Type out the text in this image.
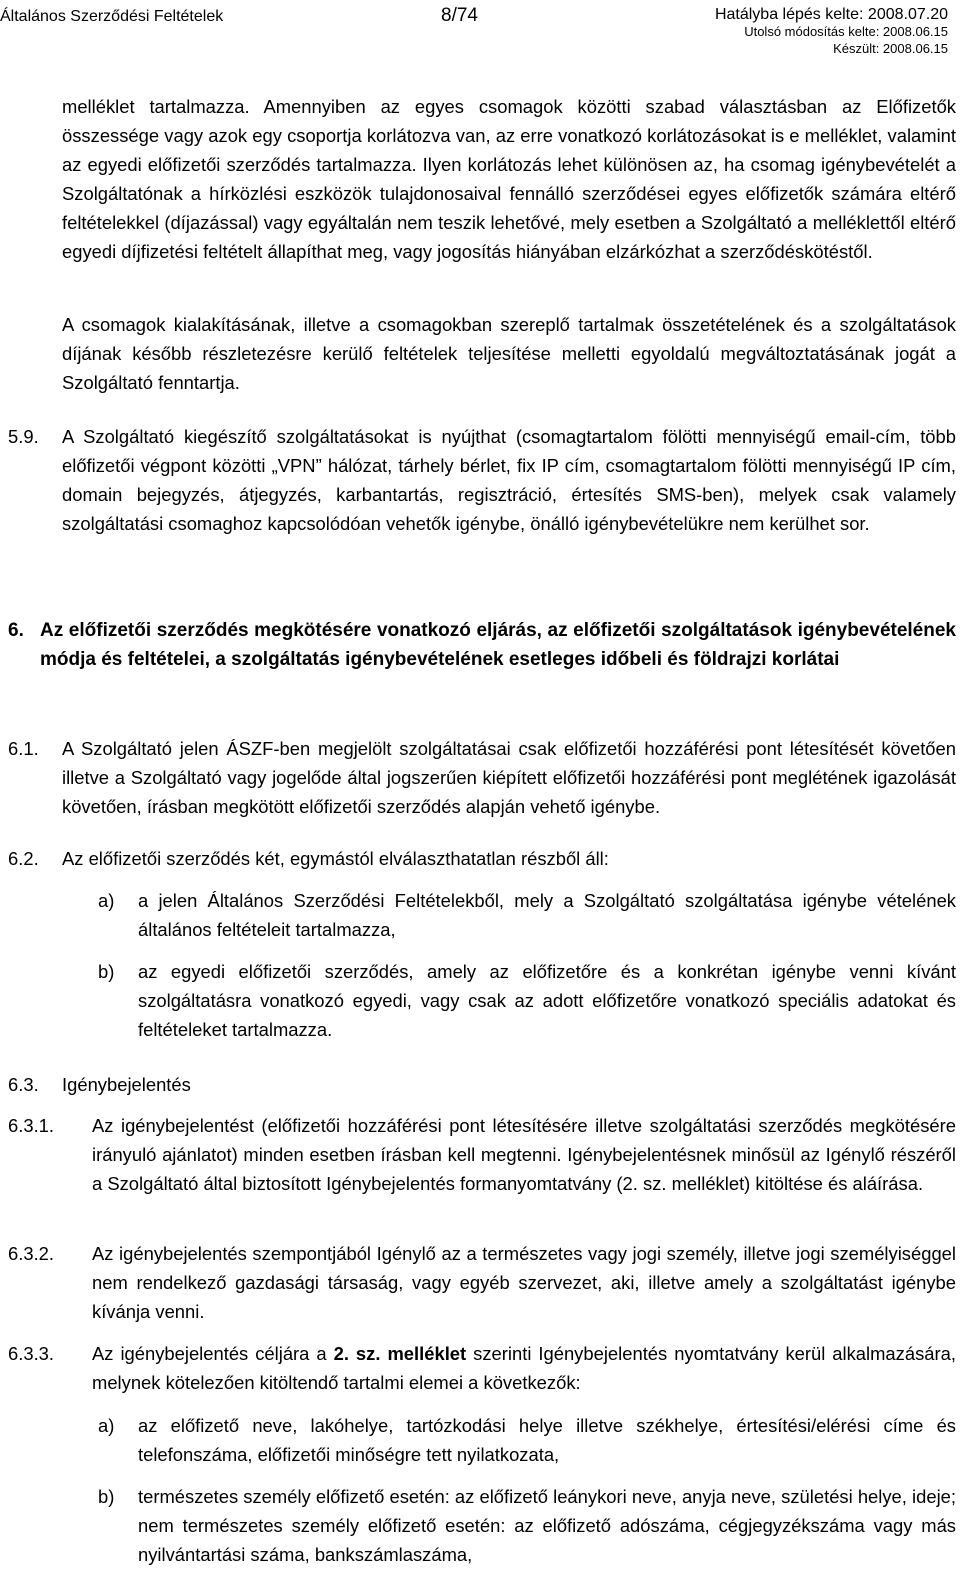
Általános Szerződési Feltételek	8/74	Hatályba lépés kelte: 2008.07.20
Utolsó módosítás kelte: 2008.06.15
Készült: 2008.06.15

melléklet tartalmazza. Amennyiben az egyes csomagok közötti szabad választásban az Előfizetők összessége vagy azok egy csoportja korlátozva van, az erre vonatkozó korlátozásokat is e melléklet, valamint az egyedi előfizetői szerződés tartalmazza. Ilyen korlátozás lehet különösen az, ha csomag igénybevételét a Szolgáltatónak a hírközlési eszközök tulajdonosaival fennálló szerződései egyes előfizetők számára eltérő feltételekkel (díjazással) vagy egyáltalán nem teszik lehetővé, mely esetben a Szolgáltató a melléklettől eltérő egyedi díjfizetési feltételt állapíthat meg, vagy jogosítás hiányában elzárkózhat a szerződéskötéstől.

A csomagok kialakításának, illetve a csomagokban szereplő tartalmak összetételének és a szolgáltatások díjának később részletezésre kerülő feltételek teljesítése melletti egyoldalú megváltoztatásának jogát a Szolgáltató fenntartja.

5.9. A Szolgáltató kiegészítő szolgáltatásokat is nyújthat (csomagtartalom fölötti mennyiségű email-cím, több előfizetői végpont közötti „VPN” hálózat, tárhely bérlet, fix IP cím, csomagtartalom fölötti mennyiségű IP cím, domain bejegyzés, átjegyzés, karbantartás, regisztráció, értesítés SMS-ben), melyek csak valamely szolgáltatási csomaghoz kapcsolódóan vehetők igénybe, önálló igénybevételükre nem kerülhet sor.

6. Az előfizetői szerződés megkötésére vonatkozó eljárás, az előfizetői szolgáltatások igénybevételének módja és feltételei, a szolgáltatás igénybevételének esetleges időbeli és földrajzi korlátai

6.1. A Szolgáltató jelen ÁSZF-ben megjelölt szolgáltatásai csak előfizetői hozzáférési pont létesítését követően illetve a Szolgáltató vagy jogelőde által jogszerűen kiépített előfizetői hozzáférési pont meglétének igazolását követően, írásban megkötött előfizetői szerződés alapján vehető igénybe.

6.2. Az előfizetői szerződés két, egymástól elválaszthatatlan részből áll:

a) a jelen Általános Szerződési Feltételekből, mely a Szolgáltató szolgáltatása igénybe vételének általános feltételeit tartalmazza,

b) az egyedi előfizetői szerződés, amely az előfizetőre és a konkrétan igénybe venni kívánt szolgáltatásra vonatkozó egyedi, vagy csak az adott előfizetőre vonatkozó speciális adatokat és feltételeket tartalmazza.

6.3. Igénybejelentés

6.3.1. Az igénybejelentést (előfizetői hozzáférési pont létesítésére illetve szolgáltatási szerződés megkötésére irányuló ajánlatot) minden esetben írásban kell megtenni. Igénybejelentésnek minősül az Igénylő részéről a Szolgáltató által biztosított Igénybejelentés formanyomtatvány (2. sz. melléklet) kitöltése és aláírása.

6.3.2. Az igénybejelentés szempontjából Igénylő az a természetes vagy jogi személy, illetve jogi személyiséggel nem rendelkező gazdasági társaság, vagy egyéb szervezet, aki, illetve amely a szolgáltatást igénybe kívánja venni.

6.3.3. Az igénybejelentés céljára a 2. sz. melléklet szerinti Igénybejelentés nyomtatvány kerül alkalmazására, melynek kötelezően kitöltendő tartalmi elemei a következők:

a) az előfizető neve, lakóhelye, tartózkodási helye illetve székhelye, értesítési/elérési címe és telefonszáma, előfizetői minőségre tett nyilatkozata,

b) természetes személy előfizető esetén: az előfizető leánykori neve, anyja neve, születési helye, ideje; nem természetes személy előfizető esetén: az előfizető adószáma, cégjegyzékszáma vagy más nyilvántartási száma, bankszámlaszáma,
